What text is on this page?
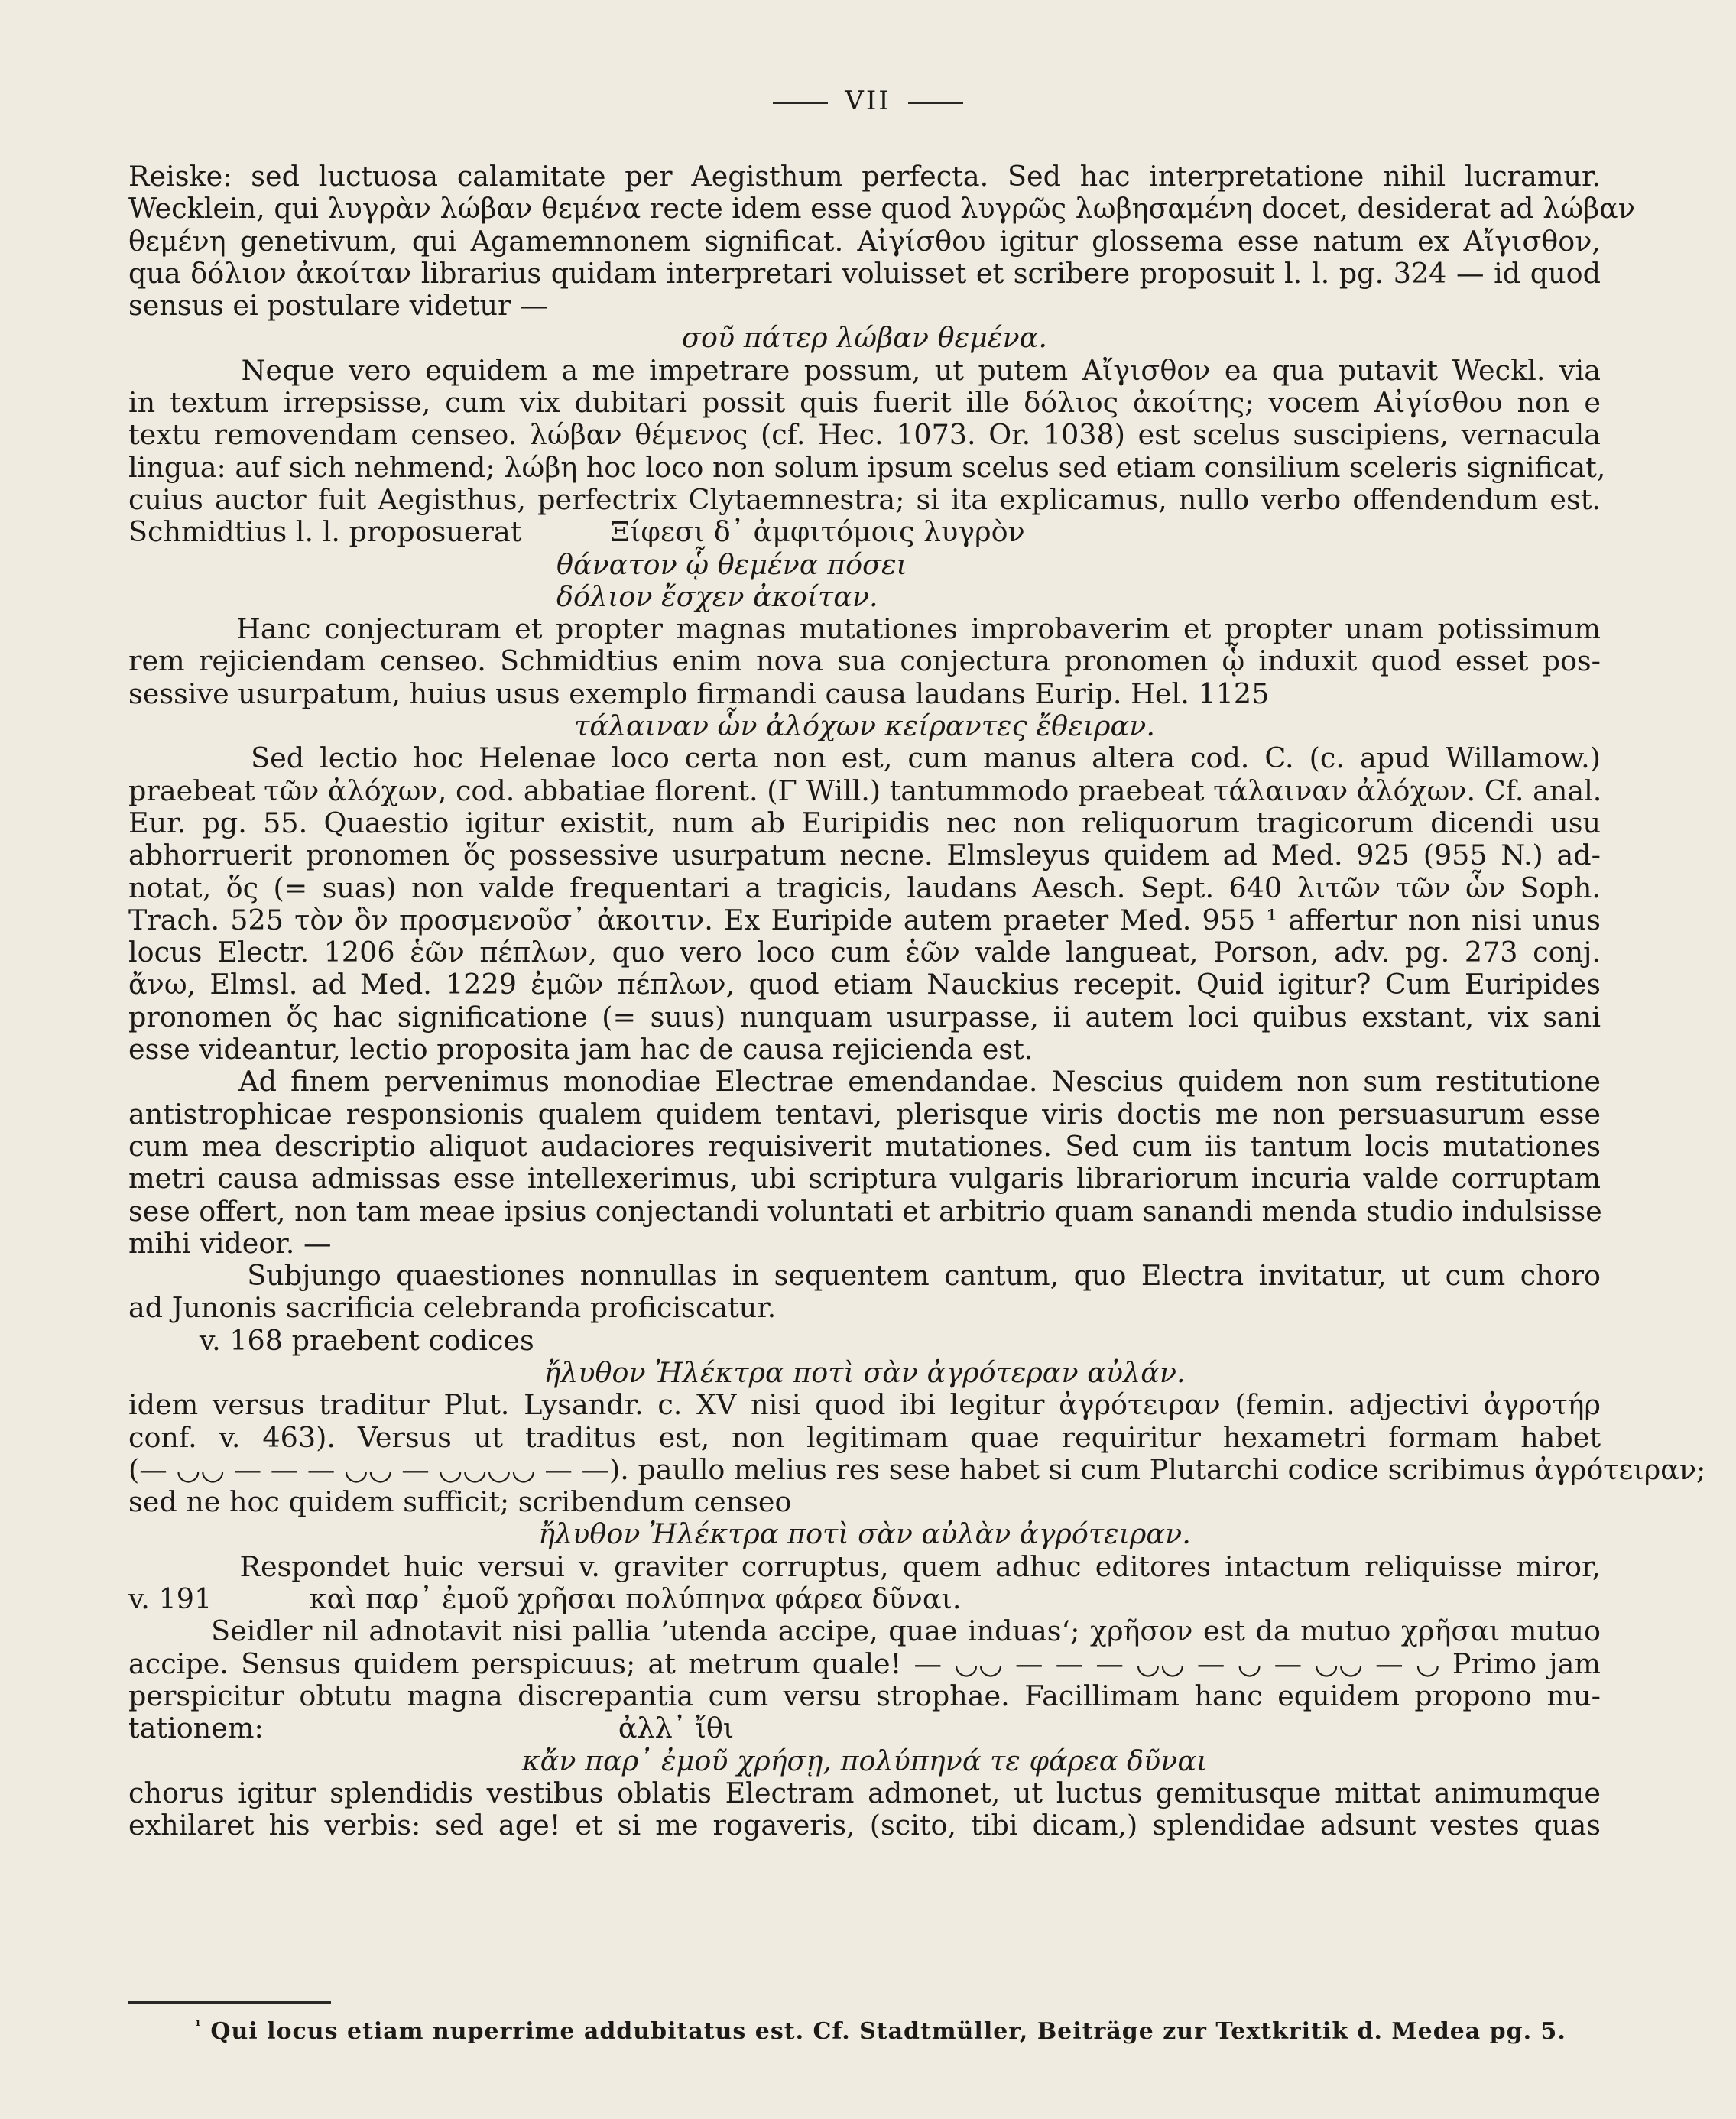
VII
Reiske: sed luctuosa calamitate per Aegisthum perfecta. Sed hac interpretatione nihil lucramur.
Wecklein, qui λυγρὰν λώβαν θεμένα recte idem esse quod λυγρῶς λωβησαμένη docet, desiderat ad λώβαν
θεμένη genetivum, qui Agamemnonem significat. Αἰγίσθου igitur glossema esse natum ex Αἴγισθον,
qua δόλιον ἀκοίταν librarius quidam interpretari voluisset et scribere proposuit l. l. pg. 324 — id quod
sensus ei postulare videtur —
σοῦ πάτερ λώβαν θεμένα.
Neque vero equidem a me impetrare possum, ut putem Αἴγισθον ea qua putavit Weckl. via
in textum irrepsisse, cum vix dubitari possit quis fuerit ille δόλιος ἀκοίτης; vocem Αἰγίσθου non e
textu removendam censeo. λώβαν θέμενος (cf. Hec. 1073. Or. 1038) est scelus suscipiens, vernacula
lingua: auf sich nehmend; λώβη hoc loco non solum ipsum scelus sed etiam consilium sceleris significat,
cuius auctor fuit Aegisthus, perfectrix Clytaemnestra; si ita explicamus, nullo verbo offendendum est.
Schmidtius l. l. proposuerat          Ξίφεσι δ᾽ ἀμφιτόμοις λυγρὸν
θάνατον ᾧ θεμένα πόσει
δόλιον ἔσχεν ἀκοίταν.
Hanc conjecturam et propter magnas mutationes improbaverim et propter unam potissimum
rem rejiciendam censeo. Schmidtius enim nova sua conjectura pronomen ᾧ induxit quod esset pos-
sessive usurpatum, huius usus exemplo firmandi causa laudans Eurip. Hel. 1125
τάλαιναν ὧν ἀλόχων κείραντες ἔθειραν.
Sed lectio hoc Helenae loco certa non est, cum manus altera cod. C. (c. apud Willamow.)
praebeat τῶν ἀλόχων, cod. abbatiae florent. (Γ Will.) tantummodo praebeat τάλαιναν ἀλόχων. Cf. anal.
Eur. pg. 55. Quaestio igitur existit, num ab Euripidis nec non reliquorum tragicorum dicendi usu
abhorruerit pronomen ὅς possessive usurpatum necne. Elmsleyus quidem ad Med. 925 (955 N.) ad-
notat, ὅς (= suas) non valde frequentari a tragicis, laudans Aesch. Sept. 640 λιτῶν τῶν ὧν Soph.
Trach. 525 τὸν ὃν προσμενοῦσ᾽ ἀκοιτιν. Ex Euripide autem praeter Med. 955 ¹ affertur non nisi unus
locus Electr. 1206 ἑῶν πέπλων, quo vero loco cum ἑῶν valde langueat, Porson, adv. pg. 273 conj.
ἄνω, Elmsl. ad Med. 1229 ἐμῶν πέπλων, quod etiam Nauckius recepit. Quid igitur? Cum Euripides
pronomen ὅς hac significatione (= suus) nunquam usurpasse, ii autem loci quibus exstant, vix sani
esse videantur, lectio proposita jam hac de causa rejicienda est.
Ad finem pervenimus monodiae Electrae emendandae. Nescius quidem non sum restitutione
antistrophicae responsionis qualem quidem tentavi, plerisque viris doctis me non persuasurum esse
cum mea descriptio aliquot audaciores requisiverit mutationes. Sed cum iis tantum locis mutationes
metri causa admissas esse intellexerimus, ubi scriptura vulgaris librariorum incuria valde corruptam
sese offert, non tam meae ipsius conjectandi voluntati et arbitrio quam sanandi menda studio indulsisse
mihi videor. —
Subjungo quaestiones nonnullas in sequentem cantum, quo Electra invitatur, ut cum choro
ad Junonis sacrificia celebranda proficiscatur.
v. 168 praebent codices
ἤλυθον Ἠλέκτρα ποτὶ σὰν ἀγρότεραν αὐλάν.
idem versus traditur Plut. Lysandr. c. XV nisi quod ibi legitur ἀγρότειραν (femin. adjectivi ἀγροτήρ
conf. v. 463). Versus ut traditus est, non legitimam quae requiritur hexametri formam habet
(— ◡◡ — — — ◡◡ — ◡◡◡◡ — —). paullo melius res sese habet si cum Plutarchi codice scribimus ἀγρότειραν;
sed ne hoc quidem sufficit; scribendum censeo
ἤλυθον Ἠλέκτρα ποτὶ σὰν αὐλὰν ἀγρότειραν.
Respondet huic versui v. graviter corruptus, quem adhuc editores intactum reliquisse miror,
v. 191           καὶ παρ᾽ ἐμοῦ χρῆσαι πολύπηνα φάρεα δῦναι.
Seidler nil adnotavit nisi pallia ’utenda accipe, quae induas‘; χρῆσον est da mutuo χρῆσαι mutuo
accipe. Sensus quidem perspicuus; at metrum quale! — ◡◡ — — — ◡◡ — ◡ — ◡◡ — ◡ Primo jam
perspicitur obtutu magna discrepantia cum versu strophae. Facillimam hanc equidem propono mu-
tationem:                                        ἀλλ᾽ ἴθι
κἄν παρ᾽ ἐμοῦ χρήσῃ, πολύπηνά τε φάρεα δῦναι
chorus igitur splendidis vestibus oblatis Electram admonet, ut luctus gemitusque mittat animumque
exhilaret his verbis: sed age! et si me rogaveris, (scito, tibi dicam,) splendidae adsunt vestes quas
$^{^1}$ Qui locus etiam nuperrime addubitatus est. Cf. Stadtmüller, Beiträge zur Textkritik d. Medea pg. 5.
